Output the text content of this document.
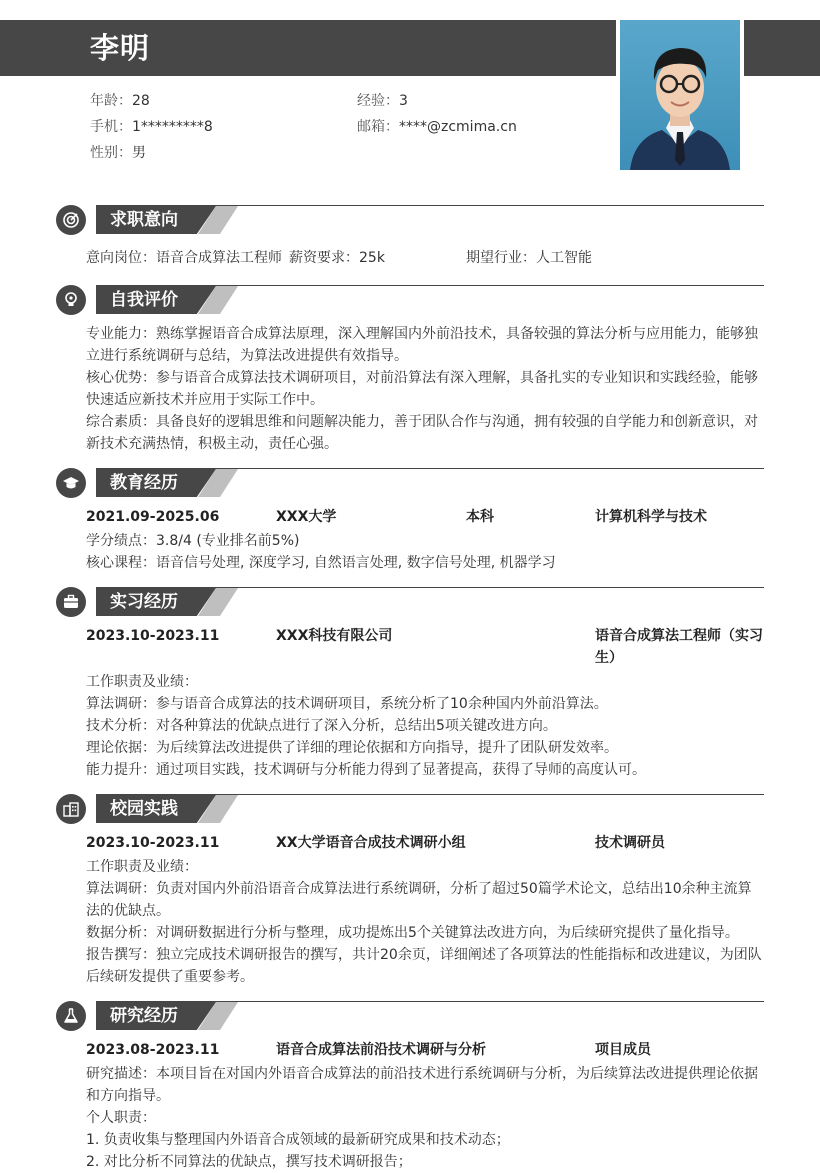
李明
年龄：28	经验：3
手机：1*********8	邮箱：****@zcmima.cn
性别：男
求职意向
意向岗位：语音合成算法工程师 薪资要求：25k	期望行业：人工智能
自我评价
专业能力：熟练掌握语音合成算法原理，深入理解国内外前沿技术，具备较强的算法分析与应用能力，能够独立进行系统调研与总结，为算法改进提供有效指导。
核心优势：参与语音合成算法技术调研项目，对前沿算法有深入理解，具备扎实的专业知识和实践经验，能够快速适应新技术并应用于实际工作中。
综合素质：具备良好的逻辑思维和问题解决能力，善于团队合作与沟通，拥有较强的自学能力和创新意识，对新技术充满热情，积极主动，责任心强。
教育经历
2021.09-2025.06	XXX大学	本科	计算机科学与技术
学分绩点：3.8/4 (专业排名前5%)
核心课程：语音信号处理, 深度学习, 自然语言处理, 数字信号处理, 机器学习
实习经历
2023.10-2023.11	XXX科技有限公司	语音合成算法工程师（实习
生）
工作职责及业绩：
算法调研：参与语音合成算法的技术调研项目，系统分析了10余种国内外前沿算法。
技术分析：对各种算法的优缺点进行了深入分析，总结出5项关键改进方向。
理论依据：为后续算法改进提供了详细的理论依据和方向指导，提升了团队研发效率。
能力提升：通过项目实践，技术调研与分析能力得到了显著提高，获得了导师的高度认可。
校园实践
2023.10-2023.11	XX大学语音合成技术调研小组	技术调研员
工作职责及业绩：
算法调研：负责对国内外前沿语音合成算法进行系统调研，分析了超过50篇学术论文，总结出10余种主流算法的优缺点。
数据分析：对调研数据进行分析与整理，成功提炼出5个关键算法改进方向，为后续研究提供了量化指导。
报告撰写：独立完成技术调研报告的撰写，共计20余页，详细阐述了各项算法的性能指标和改进建议，为团队后续研发提供了重要参考。
研究经历
2023.08-2023.11	语音合成算法前沿技术调研与分析	项目成员
研究描述：本项目旨在对国内外语音合成算法的前沿技术进行系统调研与分析，为后续算法改进提供理论依据和方向指导。
个人职责：
1. 负责收集与整理国内外语音合成领域的最新研究成果和技术动态；
2. 对比分析不同算法的优缺点，撰写技术调研报告；
